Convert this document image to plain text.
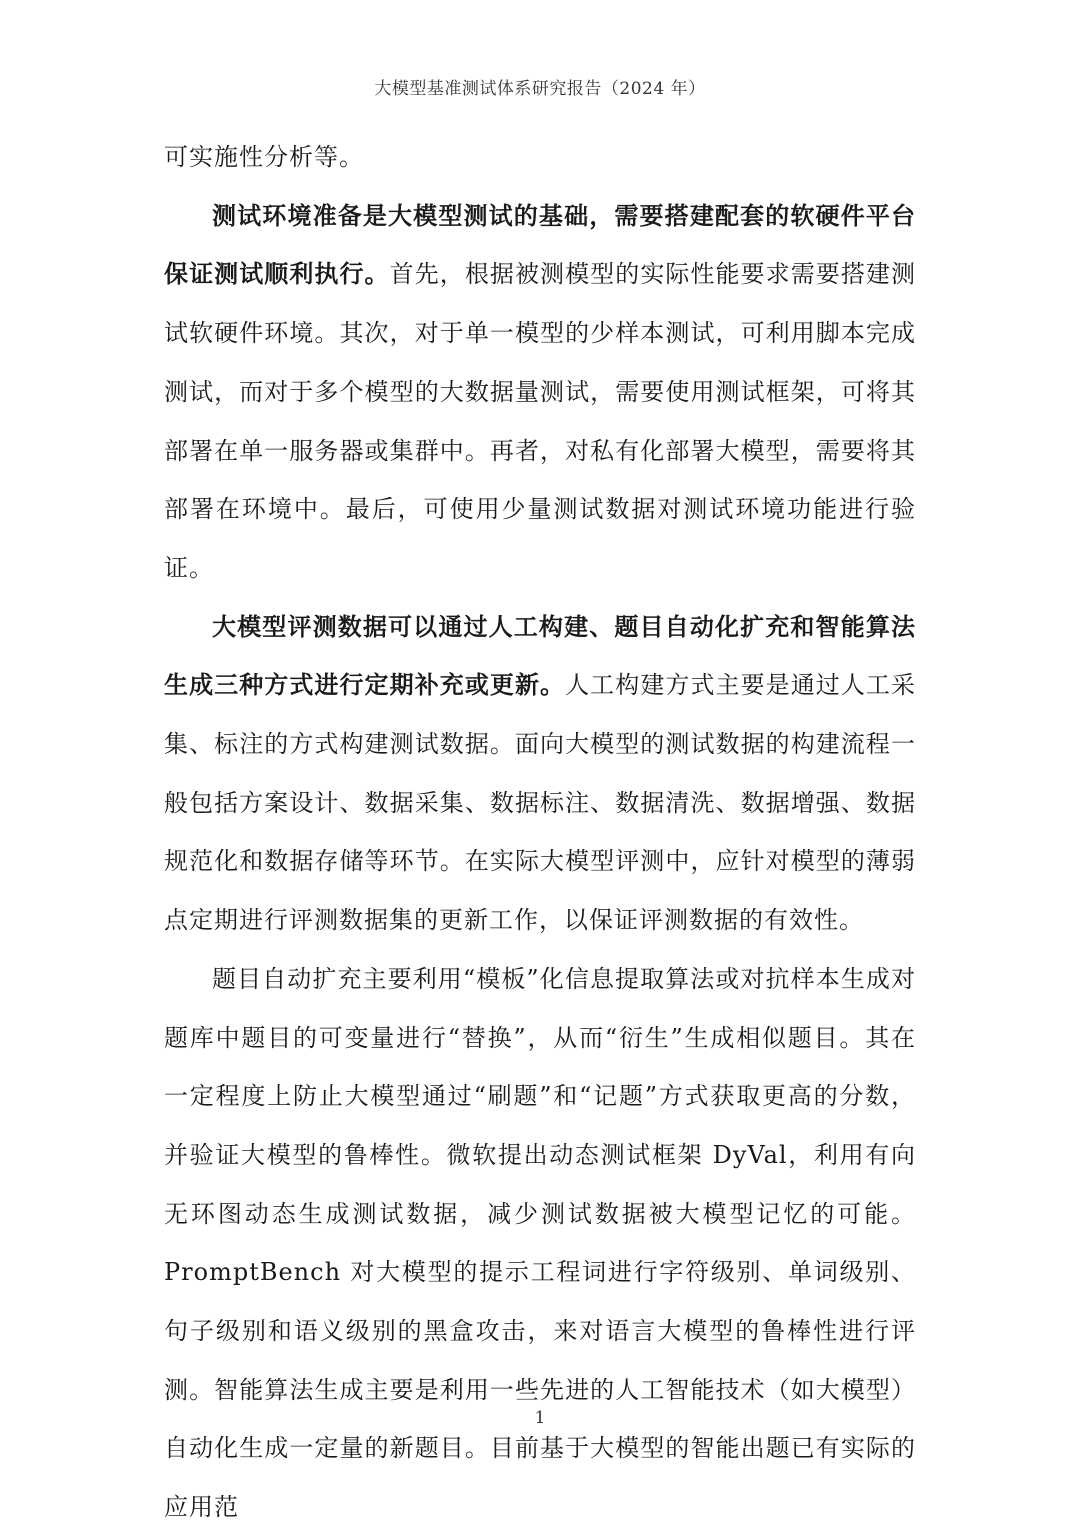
大模型基准测试体系研究报告（2024 年）

可实施性分析等。

测试环境准备是大模型测试的基础，需要搭建配套的软硬件平台保证测试顺利执行。首先，根据被测模型的实际性能要求需要搭建测试软硬件环境。其次，对于单一模型的少样本测试，可利用脚本完成测试，而对于多个模型的大数据量测试，需要使用测试框架，可将其部署在单一服务器或集群中。再者，对私有化部署大模型，需要将其部署在环境中。最后，可使用少量测试数据对测试环境功能进行验证。

大模型评测数据可以通过人工构建、题目自动化扩充和智能算法生成三种方式进行定期补充或更新。人工构建方式主要是通过人工采集、标注的方式构建测试数据。面向大模型的测试数据的构建流程一般包括方案设计、数据采集、数据标注、数据清洗、数据增强、数据规范化和数据存储等环节。在实际大模型评测中，应针对模型的薄弱点定期进行评测数据集的更新工作，以保证评测数据的有效性。

题目自动扩充主要利用“模板”化信息提取算法或对抗样本生成对题库中题目的可变量进行“替换”，从而“衍生”生成相似题目。其在一定程度上防止大模型通过“刷题”和“记题”方式获取更高的分数，并验证大模型的鲁棒性。微软提出动态测试框架 DyVal，利用有向无环图动态生成测试数据，减少测试数据被大模型记忆的可能。PromptBench 对大模型的提示工程词进行字符级别、单词级别、句子级别和语义级别的黑盒攻击，来对语言大模型的鲁棒性进行评测。智能算法生成主要是利用一些先进的人工智能技术（如大模型）自动化生成一定量的新题目。目前基于大模型的智能出题已有实际的应用范

1
